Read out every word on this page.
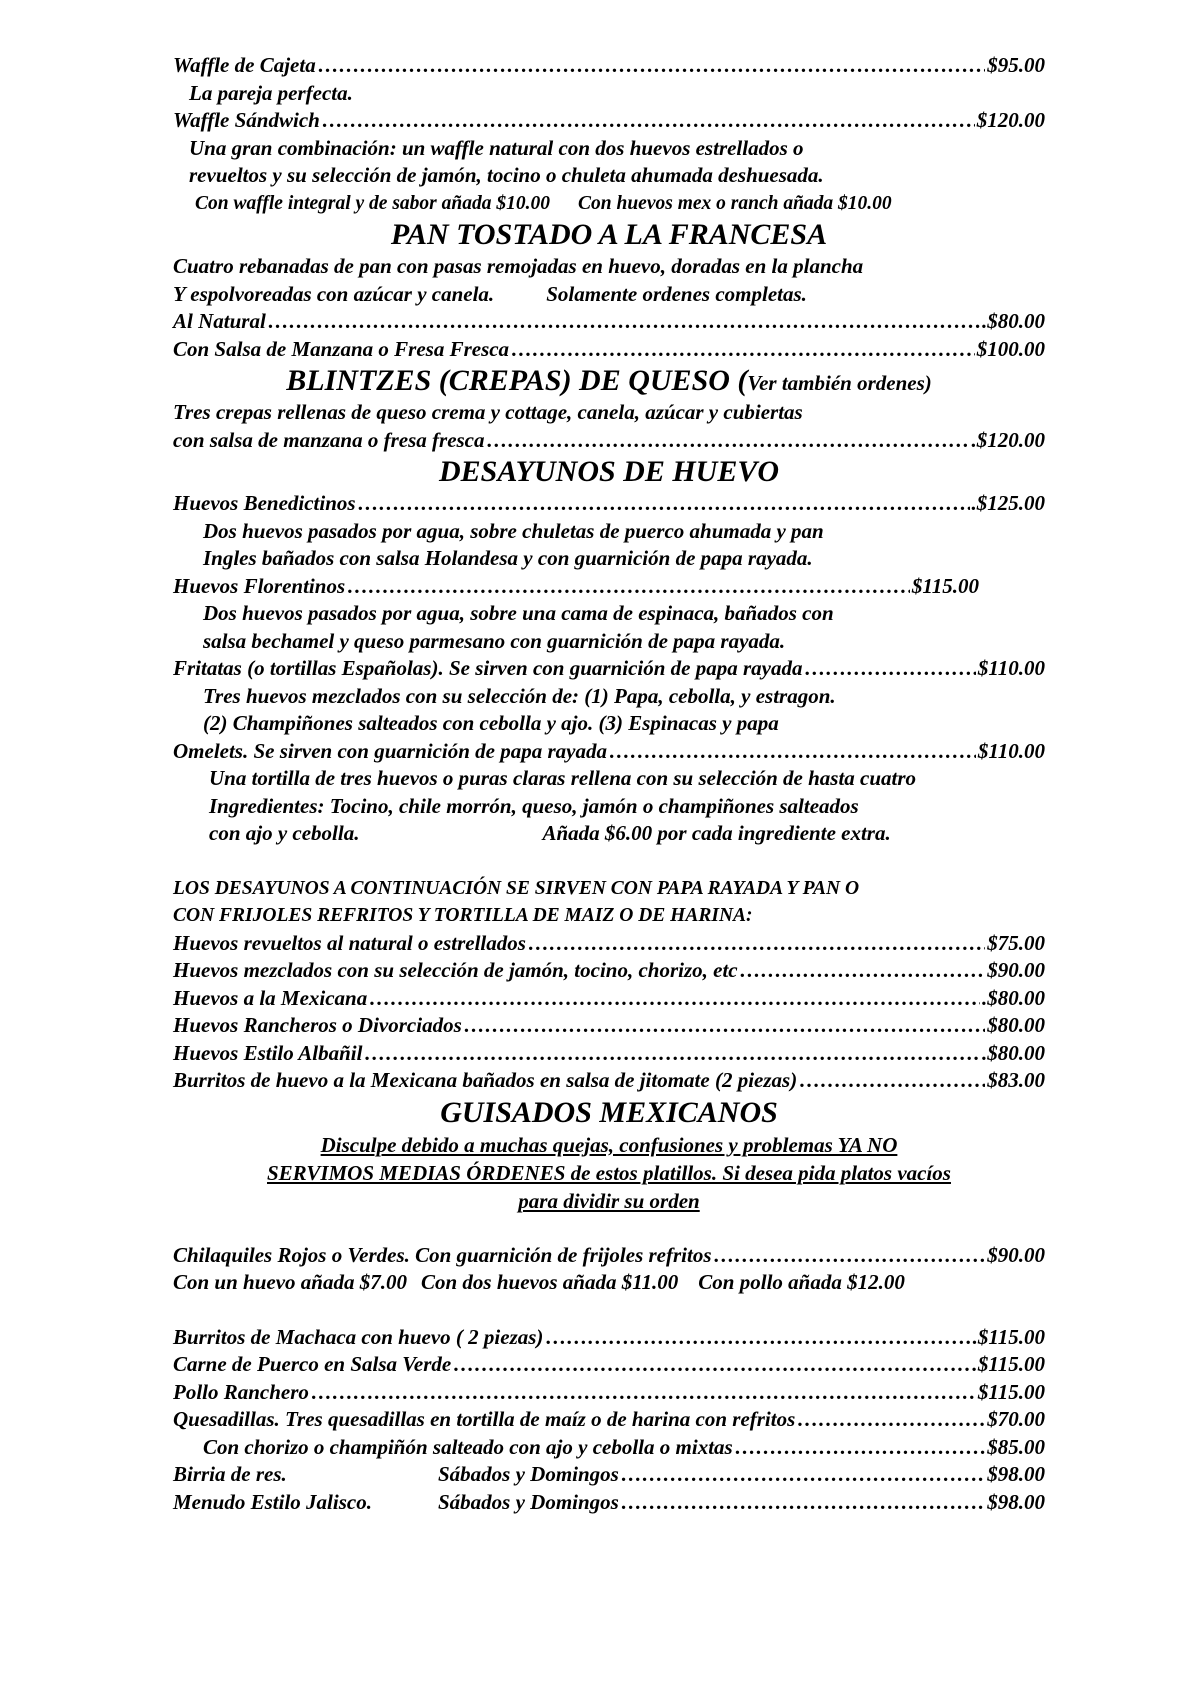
Waffle de Cajeta …………………………………………………………………………………………………………………………………………………………………………………………………………	$95.00
La pareja perfecta.
Waffle Sándwich …………………………………………………………………………………………………………………………………………………………………………………………………………	$120.00
Una gran combinación: un waffle natural con dos huevos estrellados o
revueltos y su selección de jamón, tocino o chuleta ahumada deshuesada.
Con waffle integral y de sabor añada $10.00 Con huevos mex o ranch añada $10.00
PAN TOSTADO A LA FRANCESA
Cuatro rebanadas de pan con pasas remojadas en huevo, doradas en la plancha
Y espolvoreadas con azúcar y canela. Solamente ordenes completas.
Al Natural …………………………………………………………………………………………………………………………………………………………………………………………………………	.$80.00
Con Salsa de Manzana o Fresa Fresca …………………………………………………………………………………………………………………………………………………………………………………………………………	$100.00
BLINTZES (CREPAS) DE QUESO (Ver también ordenes)
Tres crepas rellenas de queso crema y cottage, canela, azúcar y cubiertas
con salsa de manzana o fresa fresca …………………………………………………………………………………………………………………………………………………………………………………………………………	.$120.00
DESAYUNOS DE HUEVO
Huevos Benedictinos …………………………………………………………………………………………………………………………………………………………………………………………………………	.$125.00
Dos huevos pasados por agua, sobre chuletas de puerco ahumada y pan
Ingles bañados con salsa Holandesa y con guarnición de papa rayada.
Huevos Florentinos …………………………………………………………………………………………………………………………………………………………………………………………………………	$115.00
Dos huevos pasados por agua, sobre una cama de espinaca, bañados con
salsa bechamel y queso parmesano con guarnición de papa rayada.
Fritatas (o tortillas Españolas). Se sirven con guarnición de papa rayada …………………………………………………………………………………………………………………………………………………………………………………………………………	$110.00
Tres huevos mezclados con su selección de: (1) Papa, cebolla, y estragon.
(2) Champiñones salteados con cebolla y ajo. (3) Espinacas y papa
Omelets. Se sirven con guarnición de papa rayada …………………………………………………………………………………………………………………………………………………………………………………………………………	$110.00
Una tortilla de tres huevos o puras claras rellena con su selección de hasta cuatro
Ingredientes: Tocino, chile morrón, queso, jamón o champiñones salteados
con ajo y cebolla.	Añada $6.00 por cada ingrediente extra.
LOS DESAYUNOS A CONTINUACIÓN SE SIRVEN CON PAPA RAYADA Y PAN O
CON FRIJOLES REFRITOS Y TORTILLA DE MAIZ O DE HARINA:
Huevos revueltos al natural o estrellados …………………………………………………………………………………………………………………………………………………………………………………………………………	$75.00
Huevos mezclados con su selección de jamón, tocino, chorizo, etc …………………………………………………………………………………………………………………………………………………………………………………………………………	$90.00
Huevos a la Mexicana …………………………………………………………………………………………………………………………………………………………………………………………………………	.$80.00
Huevos Rancheros o Divorciados …………………………………………………………………………………………………………………………………………………………………………………………………………	$80.00
Huevos Estilo Albañil …………………………………………………………………………………………………………………………………………………………………………………………………………	.$80.00
Burritos de huevo a la Mexicana bañados en salsa de jitomate (2 piezas) …………………………………………………………………………………………………………………………………………………………………………………………………………	$83.00
GUISADOS MEXICANOS
Disculpe debido a muchas quejas, confusiones y problemas YA NO
SERVIMOS MEDIAS ÓRDENES de estos platillos. Si desea pida platos vacíos
para dividir su orden
Chilaquiles Rojos o Verdes. Con guarnición de frijoles refritos …………………………………………………………………………………………………………………………………………………………………………………………………………	$90.00
Con un huevo añada $7.00 Con dos huevos añada $11.00 Con pollo añada $12.00
Burritos de Machaca con huevo ( 2 piezas) …………………………………………………………………………………………………………………………………………………………………………………………………………	.$115.00
Carne de Puerco en Salsa Verde …………………………………………………………………………………………………………………………………………………………………………………………………………	$115.00
Pollo Ranchero …………………………………………………………………………………………………………………………………………………………………………………………………………	$115.00
Quesadillas. Tres quesadillas en tortilla de maíz o de harina con refritos …………………………………………………………………………………………………………………………………………………………………………………………………………	$70.00
Con chorizo o champiñón salteado con ajo y cebolla o mixtas …………………………………………………………………………………………………………………………………………………………………………………………………………	$85.00
Birria de res.	Sábados y Domingos …………………………………………………………………………………………………………………………………………………………………………………………………………	$98.00
Menudo Estilo Jalisco.	Sábados y Domingos …………………………………………………………………………………………………………………………………………………………………………………………………………	$98.00
